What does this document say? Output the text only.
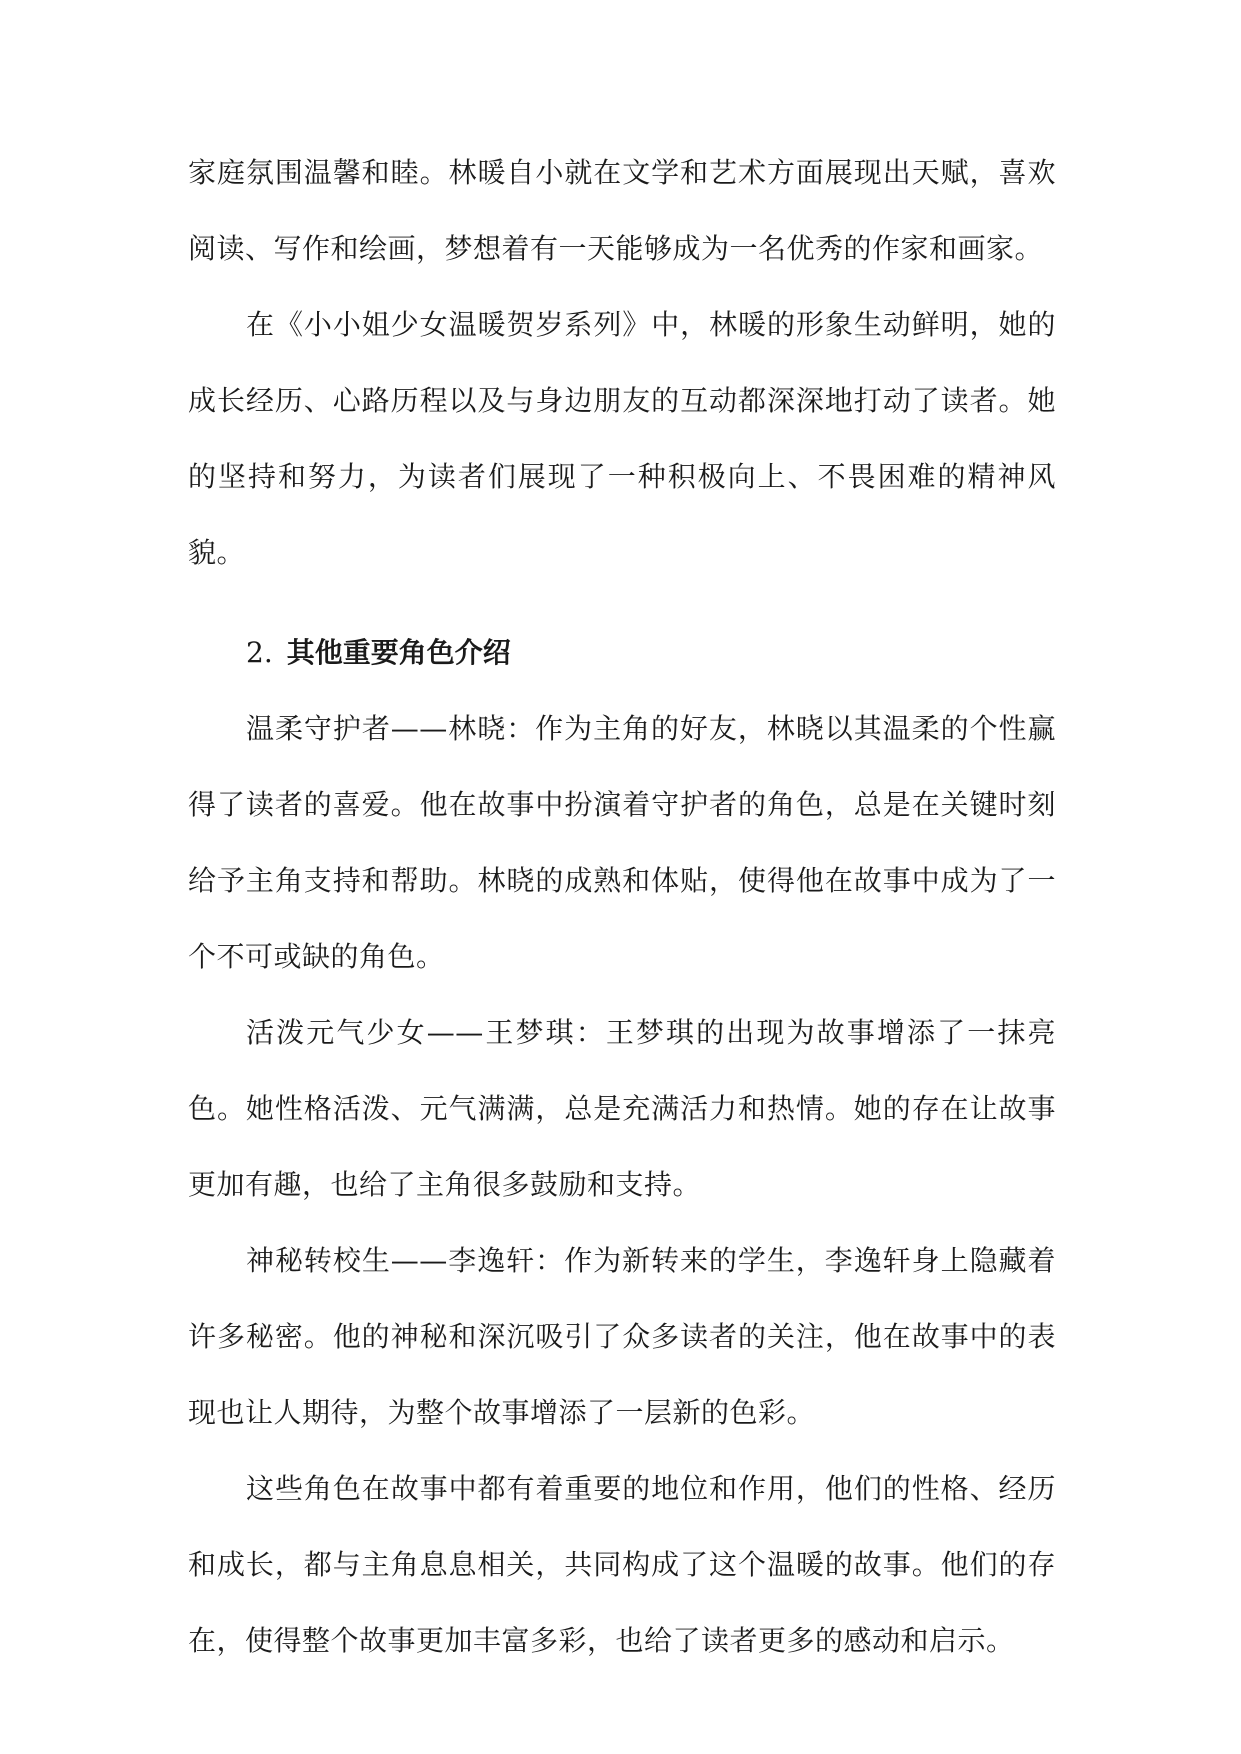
家庭氛围温馨和睦。林暖自小就在文学和艺术方面展现出天赋，喜欢阅读、写作和绘画，梦想着有一天能够成为一名优秀的作家和画家。

在《小小姐少女温暖贺岁系列》中，林暖的形象生动鲜明，她的成长经历、心路历程以及与身边朋友的互动都深深地打动了读者。她的坚持和努力，为读者们展现了一种积极向上、不畏困难的精神风貌。

2. 其他重要角色介绍

温柔守护者——林晓：作为主角的好友，林晓以其温柔的个性赢得了读者的喜爱。他在故事中扮演着守护者的角色，总是在关键时刻给予主角支持和帮助。林晓的成熟和体贴，使得他在故事中成为了一个不可或缺的角色。

活泼元气少女——王梦琪：王梦琪的出现为故事增添了一抹亮色。她性格活泼、元气满满，总是充满活力和热情。她的存在让故事更加有趣，也给了主角很多鼓励和支持。

神秘转校生——李逸轩：作为新转来的学生，李逸轩身上隐藏着许多秘密。他的神秘和深沉吸引了众多读者的关注，他在故事中的表现也让人期待，为整个故事增添了一层新的色彩。

这些角色在故事中都有着重要的地位和作用，他们的性格、经历和成长，都与主角息息相关，共同构成了这个温暖的故事。他们的存在，使得整个故事更加丰富多彩，也给了读者更多的感动和启示。
